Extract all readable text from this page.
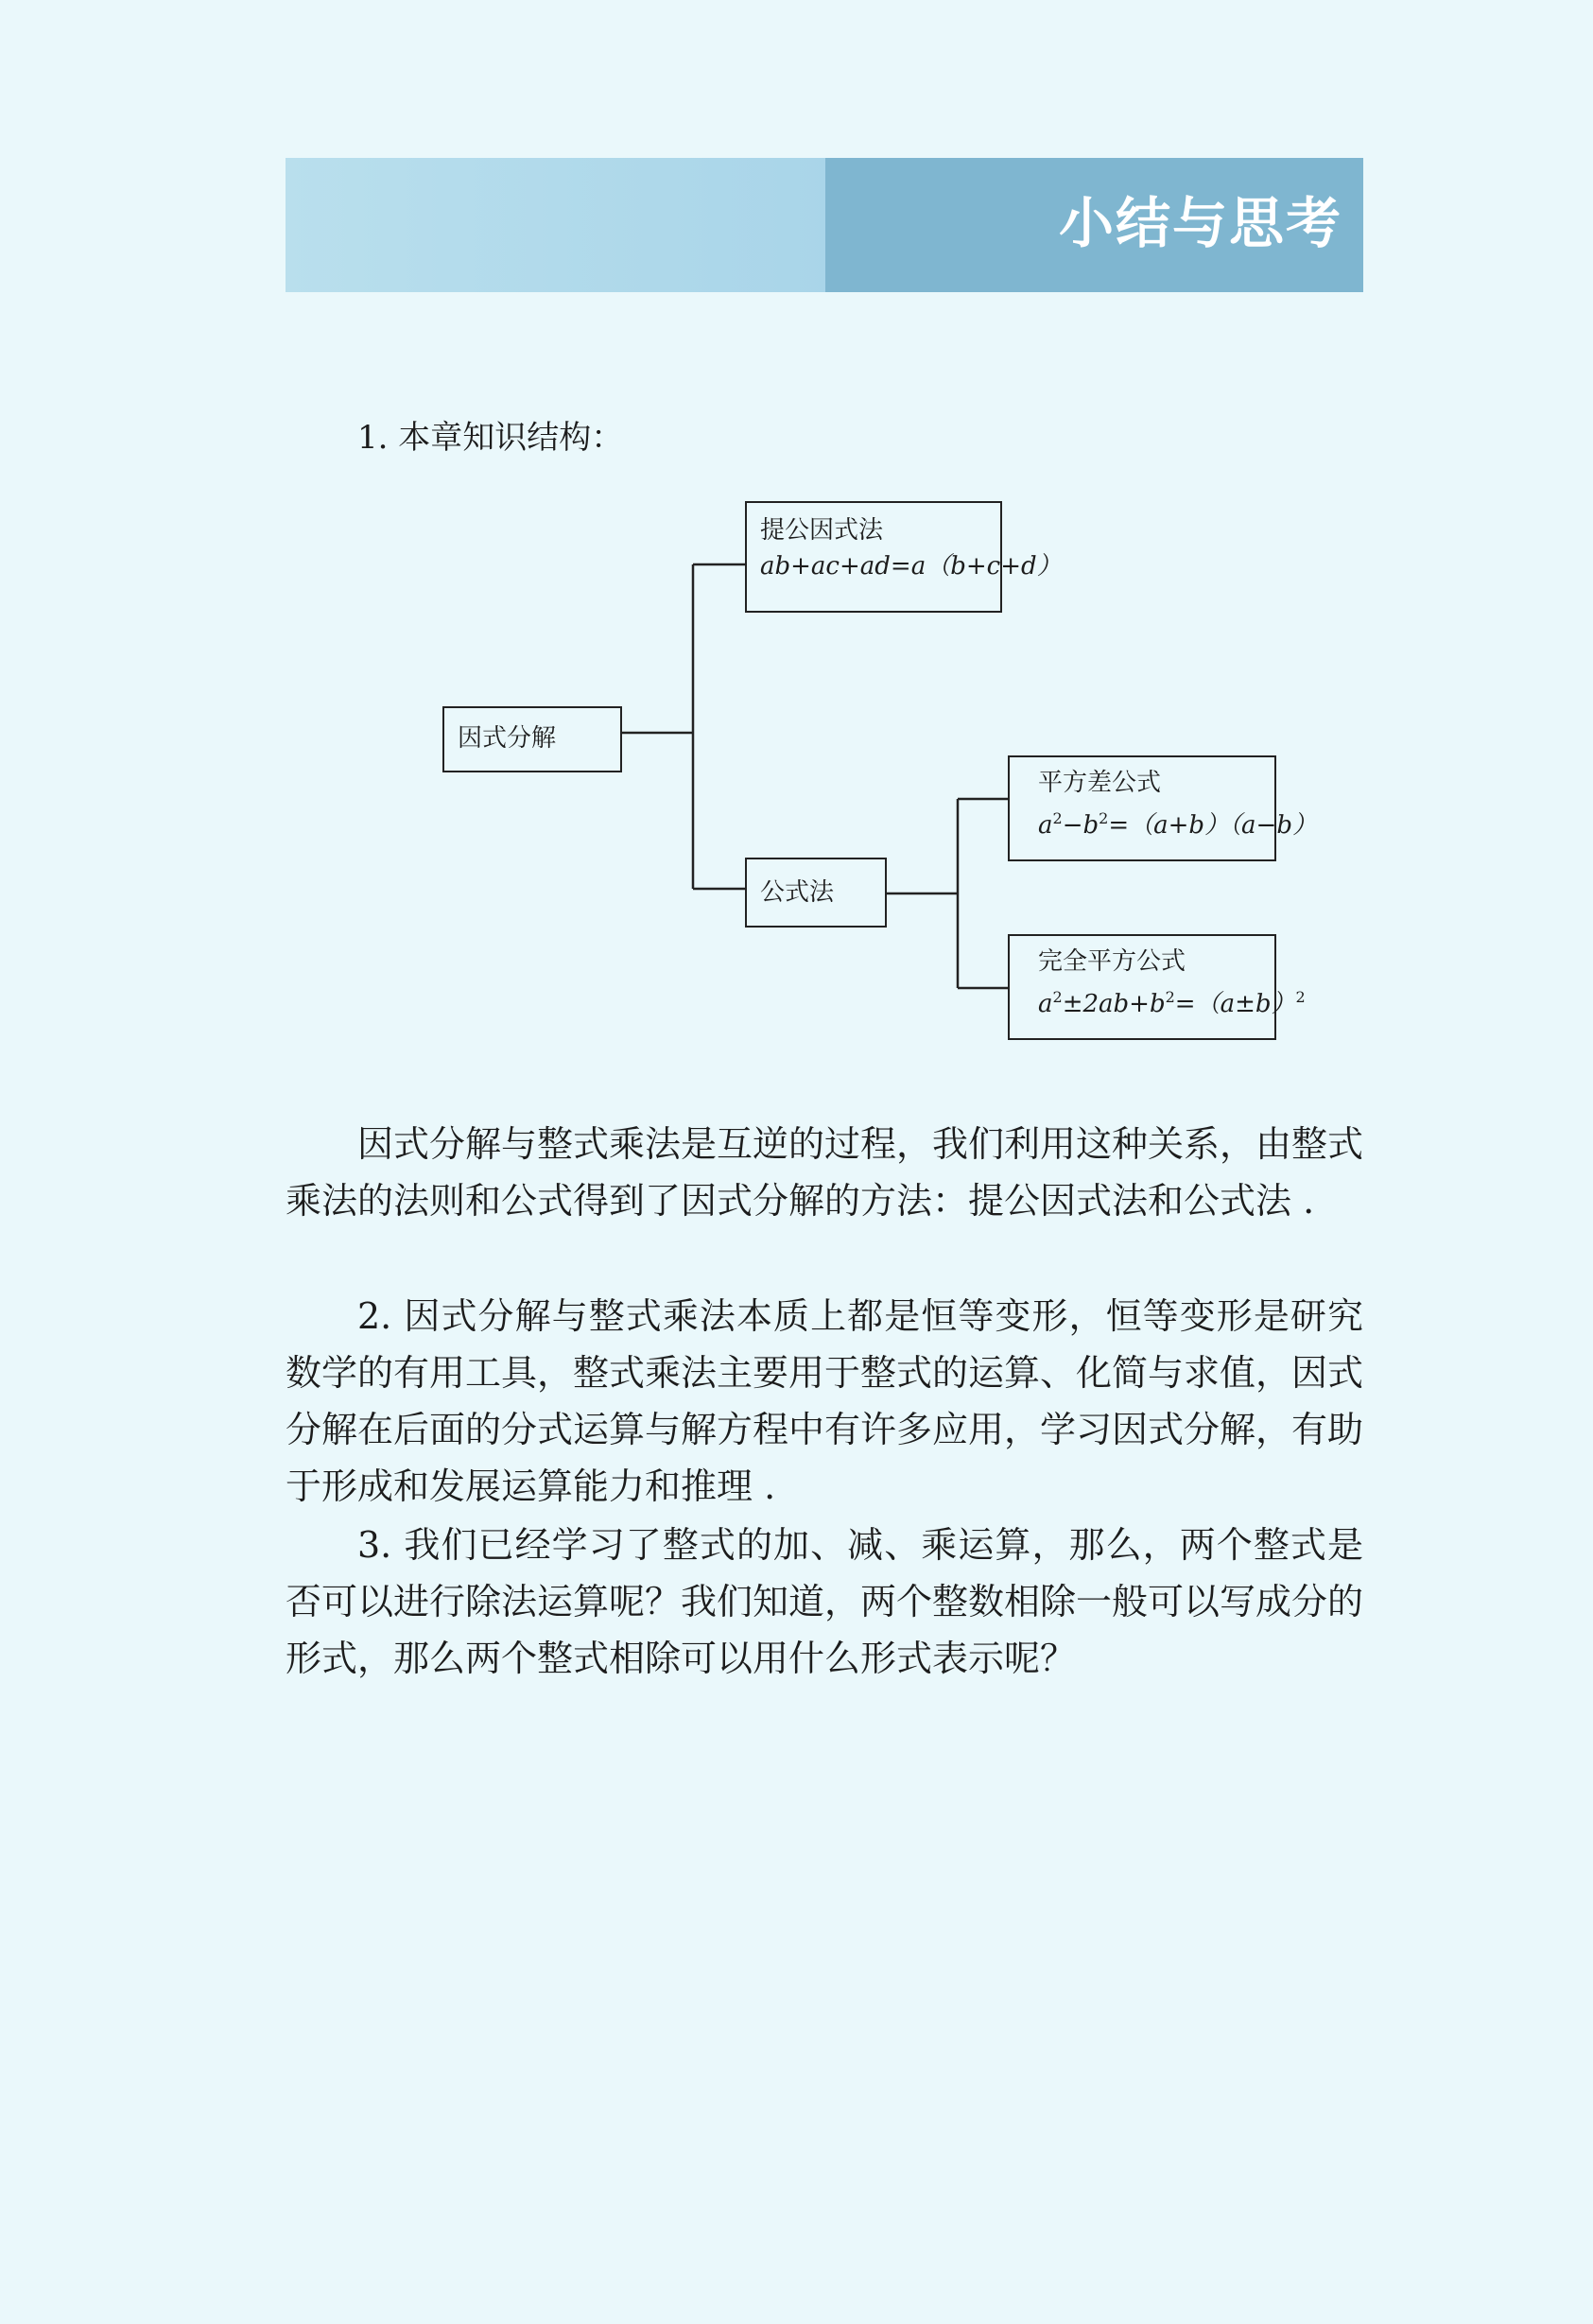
小结与思考
1. 本章知识结构：
因式分解
提公因式法
ab+ac+ad=a（b+c+d）
公式法
平方差公式
$a^2-b^2=(a+b)(a-b)$
完全平方公式
$a^2\pm 2ab+b^2=(a\pm b)^2$

因式分解与整式乘法是互逆的过程，我们利用这种关系，由整式乘法的法则和公式得到了因式分解的方法：提公因式法和公式法 .

2. 因式分解与整式乘法本质上都是恒等变形，恒等变形是研究数学的有用工具，整式乘法主要用于整式的运算、化简与求值，因式分解在后面的分式运算与解方程中有许多应用，学习因式分解，有助于形成和发展运算能力和推理 .

3. 我们已经学习了整式的加、减、乘运算，那么，两个整式是否可以进行除法运算呢？我们知道，两个整数相除一般可以写成分的形式，那么两个整式相除可以用什么形式表示呢？
